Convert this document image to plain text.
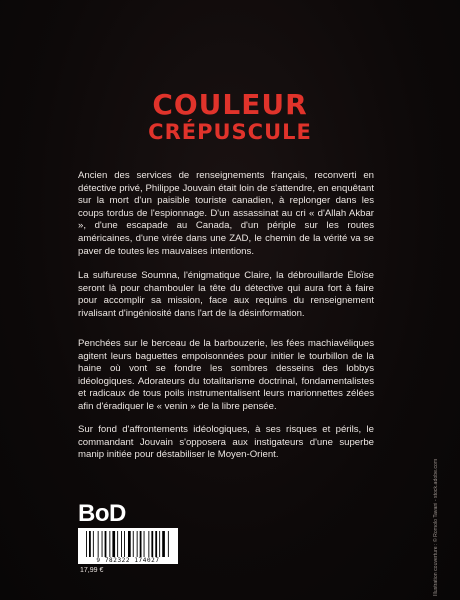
COULEUR
CRÉPUSCULE

Ancien des services de renseignements français, reconverti en détective privé, Philippe Jouvain était loin de s'attendre, en enquêtant sur la mort d'un paisible touriste canadien, à replonger dans les coups tordus de l'espionnage. D'un assassinat au cri « d'Allah Akbar », d'une escapade au Canada, d'un périple sur les routes américaines, d'une virée dans une ZAD, le chemin de la vérité va se paver de toutes les mauvaises intentions.

La sulfureuse Soumna, l'énigmatique Claire, la débrouillarde Éloïse seront là pour chambouler la tête du détective qui aura fort à faire pour accomplir sa mission, face aux requins du renseignement rivalisant d'ingéniosité dans l'art de la désinformation.

Penchées sur le berceau de la barbouzerie, les fées machiavéliques agitent leurs baguettes empoisonnées pour initier le tourbillon de la haine où vont se fondre les sombres desseins des lobbys idéologiques. Adorateurs du totalitarisme doctrinal, fondamentalistes et radicaux de tous poils instrumentalisent leurs marionnettes zélées afin d'éradiquer le « venin » de la libre pensée.

Sur fond d'affrontements idéologiques, à ses risques et périls, le commandant Jouvain s'opposera aux instigateurs d'une superbe manip initiée pour déstabiliser le Moyen-Orient.

Illustration couverture : © Romolo Tavani - stock.adobe.com

BoD
9 782322 174027

17,99 €
